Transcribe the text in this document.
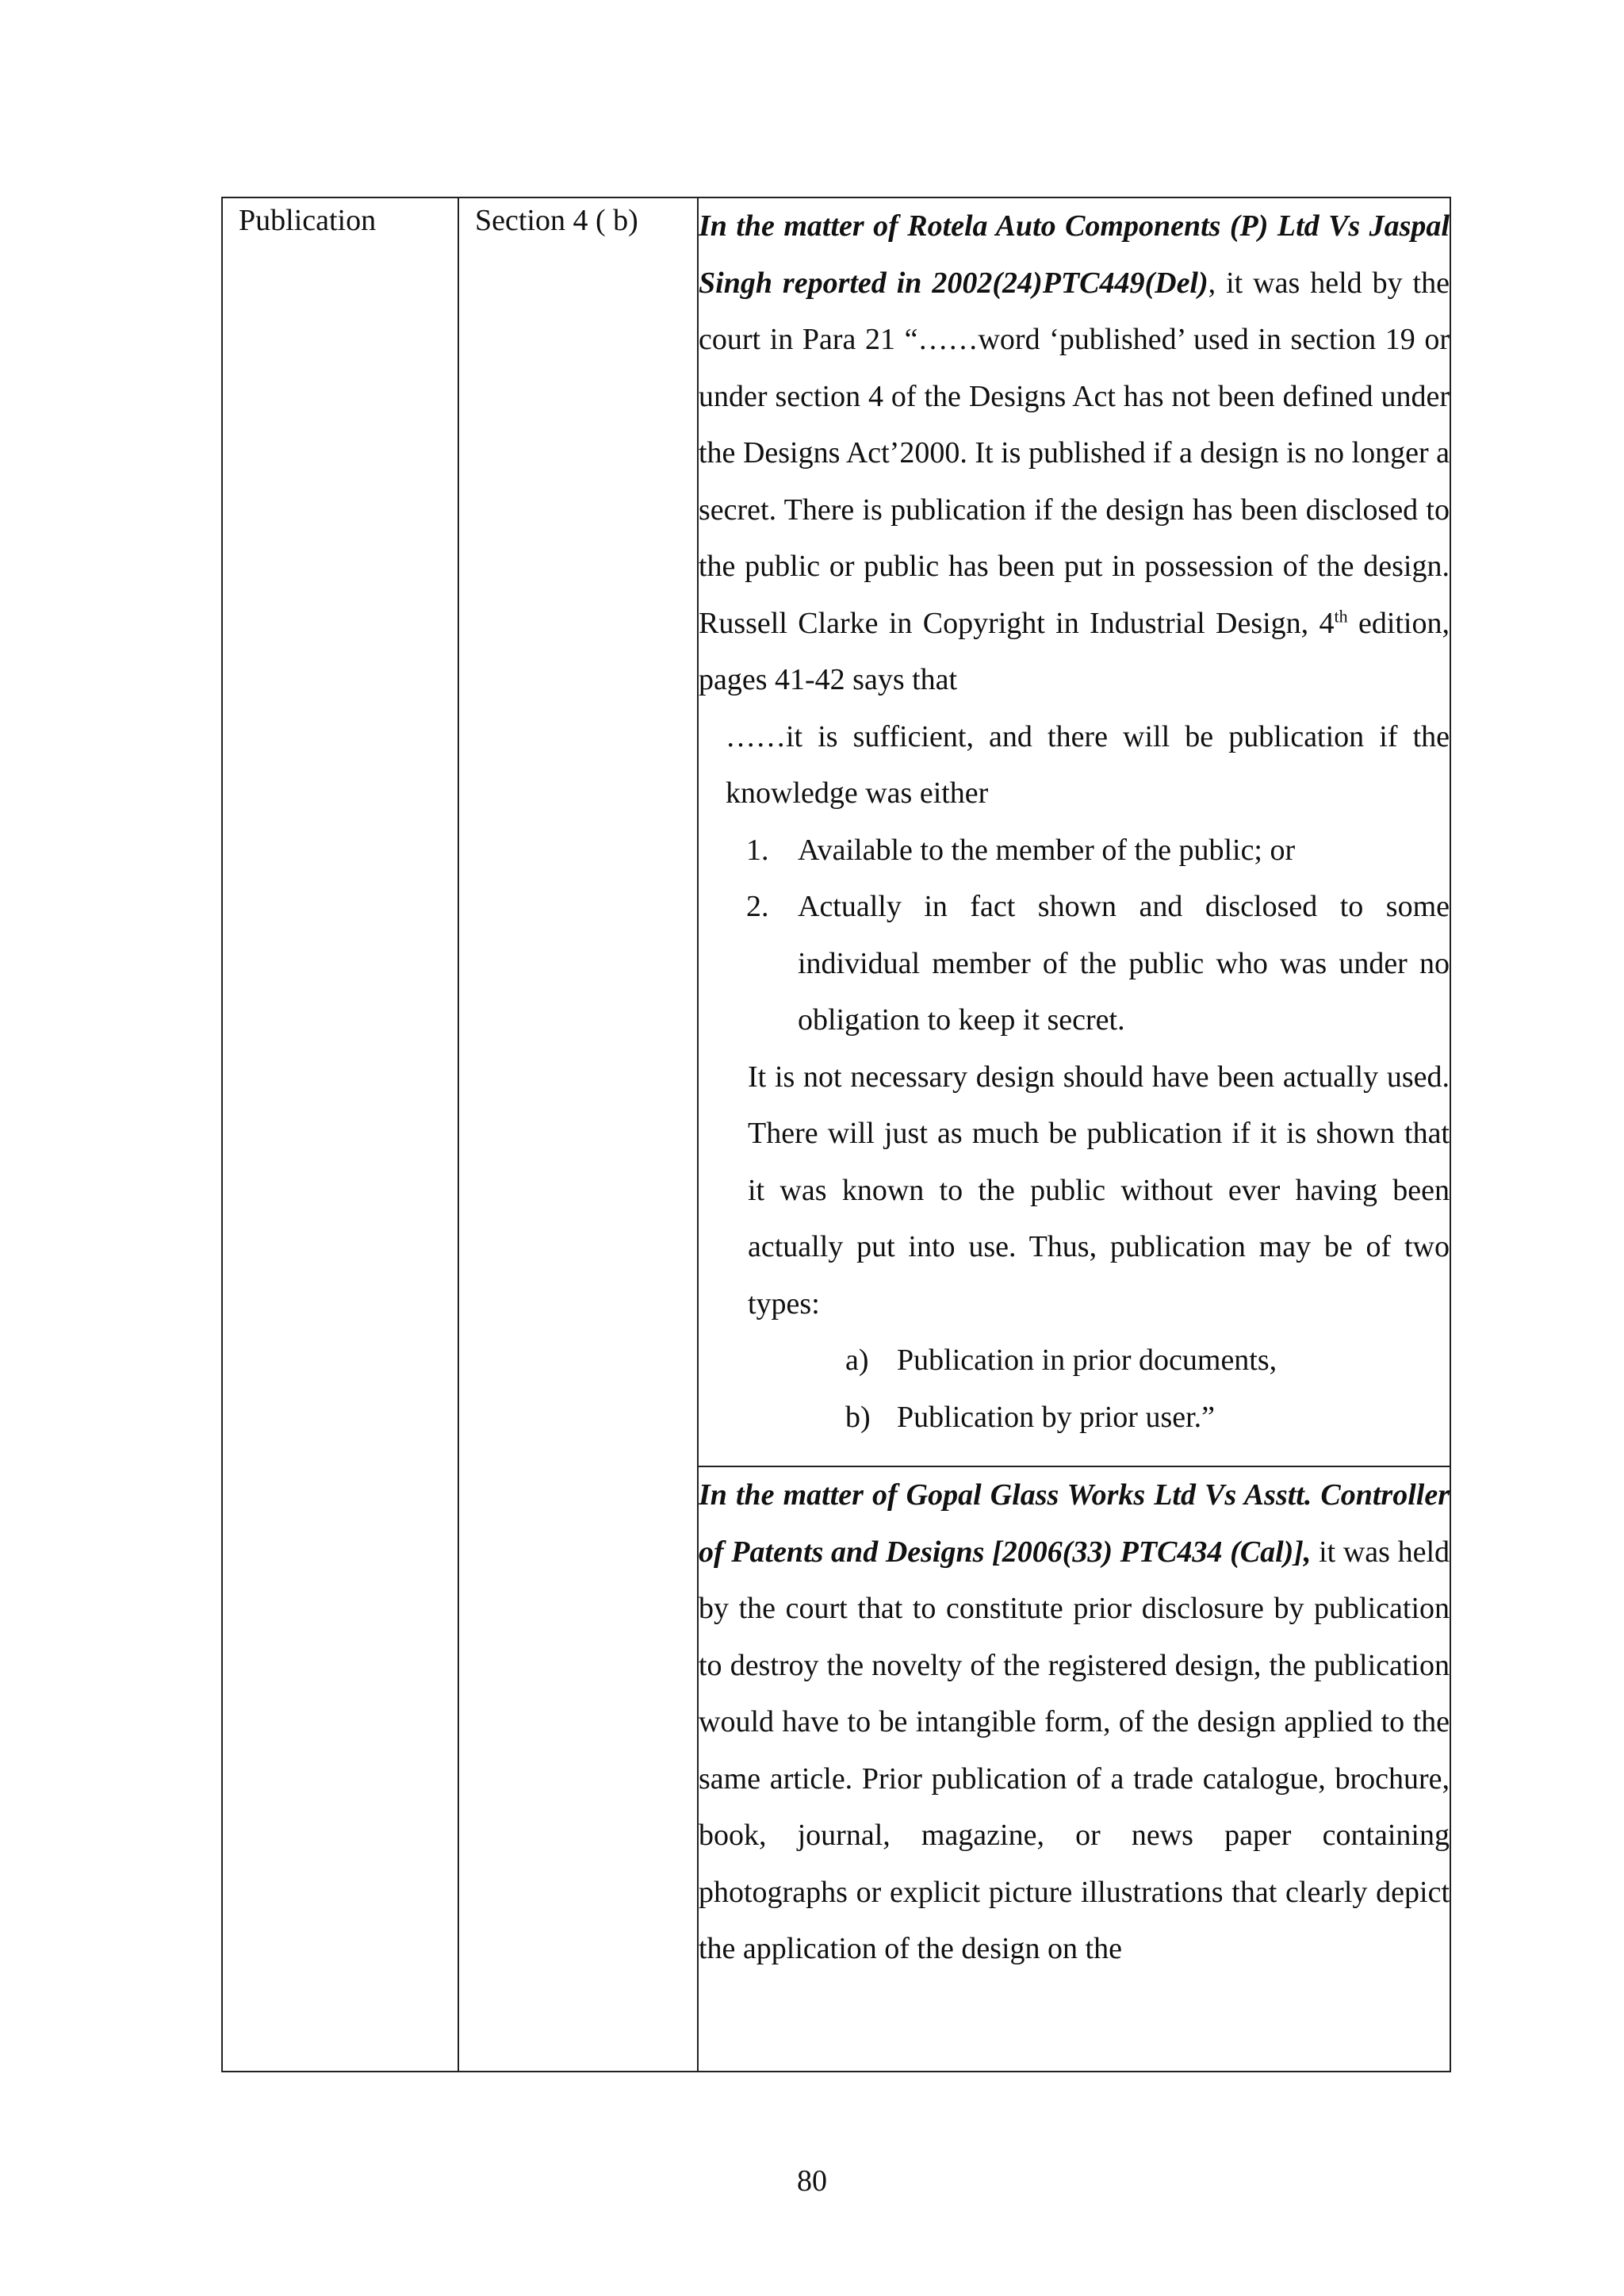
Publication	Section 4 ( b)	In the matter of Rotela Auto Components (P) Ltd Vs Jaspal Singh reported in 2002(24)PTC449(Del), it was held by the court in Para 21 “……word ‘published’ used in section 19 or under section 4 of the Designs Act has not been defined under the Designs Act’2000. It is published if a design is no longer a secret. There is publication if the design has been disclosed to the public or public has been put in possession of the design. Russell Clarke in Copyright in Industrial Design, 4th edition, pages 41-42 says that

……it is sufficient, and there will be publication if the knowledge was either

1. Available to the member of the public; or
2. Actually in fact shown and disclosed to some individual member of the public who was under no obligation to keep it secret.

It is not necessary design should have been actually used. There will just as much be publication if it is shown that it was known to the public without ever having been actually put into use. Thus, publication may be of two types:

a) Publication in prior documents,
b) Publication by prior user.”

In the matter of Gopal Glass Works Ltd Vs Asstt. Controller of Patents and Designs [2006(33) PTC434 (Cal)], it was held by the court that to constitute prior disclosure by publication to destroy the novelty of the registered design, the publication would have to be intangible form, of the design applied to the same article. Prior publication of a trade catalogue, brochure, book, journal, magazine, or news paper containing photographs or explicit picture illustrations that clearly depict the application of the design on the

80
